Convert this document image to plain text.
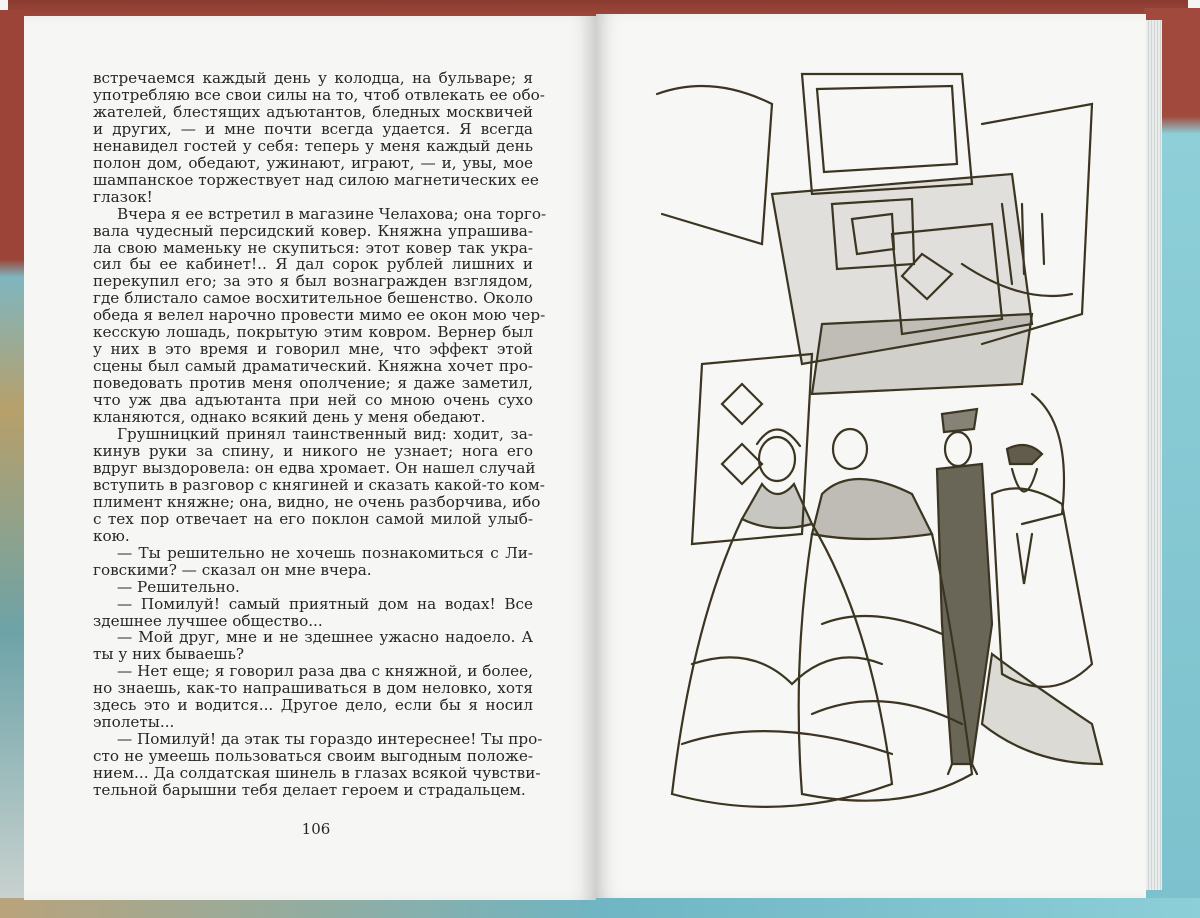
встречаемся каждый день у колодца, на бульваре; я
употребляю все свои силы на то, чтоб отвлекать ее обо-
жателей, блестящих адъютантов, бледных москвичей
и других, — и мне почти всегда удается. Я всегда
ненавидел гостей у себя: теперь у меня каждый день
полон дом, обедают, ужинают, играют, — и, увы, мое
шампанское торжествует над силою магнетических ее
глазок!
Вчера я ее встретил в магазине Челахова; она торго-
вала чудесный персидский ковер. Княжна упрашива-
ла свою маменьку не скупиться: этот ковер так укра-
сил бы ее кабинет!.. Я дал сорок рублей лишних и
перекупил его; за это я был вознагражден взглядом,
где блистало самое восхитительное бешенство. Около
обеда я велел нарочно провести мимо ее окон мою чер-
кесскую лошадь, покрытую этим ковром. Вернер был
у них в это время и говорил мне, что эффект этой
сцены был самый драматический. Княжна хочет про-
поведовать против меня ополчение; я даже заметил,
что уж два адъютанта при ней со мною очень сухо
кланяются, однако всякий день у меня обедают.
Грушницкий принял таинственный вид: ходит, за-
кинув руки за спину, и никого не узнает; нога его
вдруг выздоровела: он едва хромает. Он нашел случай
вступить в разговор с княгиней и сказать какой-то ком-
плимент княжне; она, видно, не очень разборчива, ибо
с тех пор отвечает на его поклон самой милой улыб-
кою.
— Ты решительно не хочешь познакомиться с Ли-
говскими? — сказал он мне вчера.
— Решительно.
— Помилуй! самый приятный дом на водах! Все
здешнее лучшее общество...
— Мой друг, мне и не здешнее ужасно надоело. А
ты у них бываешь?
— Нет еще; я говорил раза два с княжной, и более,
но знаешь, как-то напрашиваться в дом неловко, хотя
здесь это и водится... Другое дело, если бы я носил
эполеты...
— Помилуй! да этак ты гораздо интереснее! Ты про-
сто не умеешь пользоваться своим выгодным положе-
нием... Да солдатская шинель в глазах всякой чувстви-
тельной барышни тебя делает героем и страдальцем.
106
